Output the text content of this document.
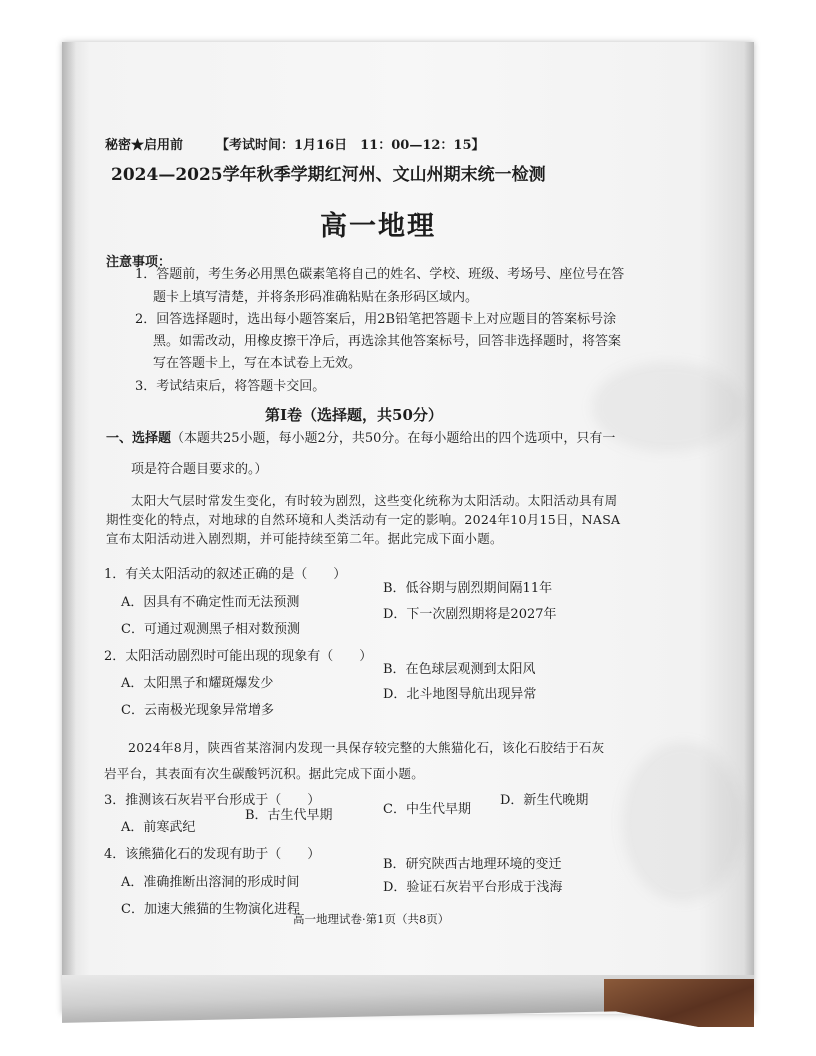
秘密★启用前	【考试时间：1月16日　11：00—12：15】
2024—2025学年秋季学期红河州、文山州期末统一检测
高一地理
注意事项：
1．答题前，考生务必用黑色碳素笔将自己的姓名、学校、班级、考场号、座位号在答
题卡上填写清楚，并将条形码准确粘贴在条形码区域内。
2．回答选择题时，选出每小题答案后，用2B铅笔把答题卡上对应题目的答案标号涂
黑。如需改动，用橡皮擦干净后，再选涂其他答案标号，回答非选择题时，将答案
写在答题卡上，写在本试卷上无效。
3．考试结束后，将答题卡交回。
第Ⅰ卷（选择题，共50分）
一、选择题（本题共25小题，每小题2分，共50分。在每小题给出的四个选项中，只有一
项是符合题目要求的。）
太阳大气层时常发生变化，有时较为剧烈，这些变化统称为太阳活动。太阳活动具有周
期性变化的特点，对地球的自然环境和人类活动有一定的影响。2024年10月15日，NASA
宣布太阳活动进入剧烈期，并可能持续至第二年。据此完成下面小题。
1．有关太阳活动的叙述正确的是（　　）
A．因具有不确定性而无法预测
B．低谷期与剧烈期间隔11年
C．可通过观测黑子相对数预测
D．下一次剧烈期将是2027年
2．太阳活动剧烈时可能出现的现象有（　　）
A．太阳黑子和耀斑爆发少
B．在色球层观测到太阳风
C．云南极光现象异常增多
D．北斗地图导航出现异常
2024年8月，陕西省某溶洞内发现一具保存较完整的大熊猫化石，该化石胶结于石灰
岩平台，其表面有次生碳酸钙沉积。据此完成下面小题。
3．推测该石灰岩平台形成于（　　）
A．前寒武纪
B．古生代早期	C．中生代早期
D．新生代晚期
4．该熊猫化石的发现有助于（　　）
A．准确推断出溶洞的形成时间
B．研究陕西古地理环境的变迁
C．加速大熊猫的生物演化进程
D．验证石灰岩平台形成于浅海
高一地理试卷·第1页（共8页）
